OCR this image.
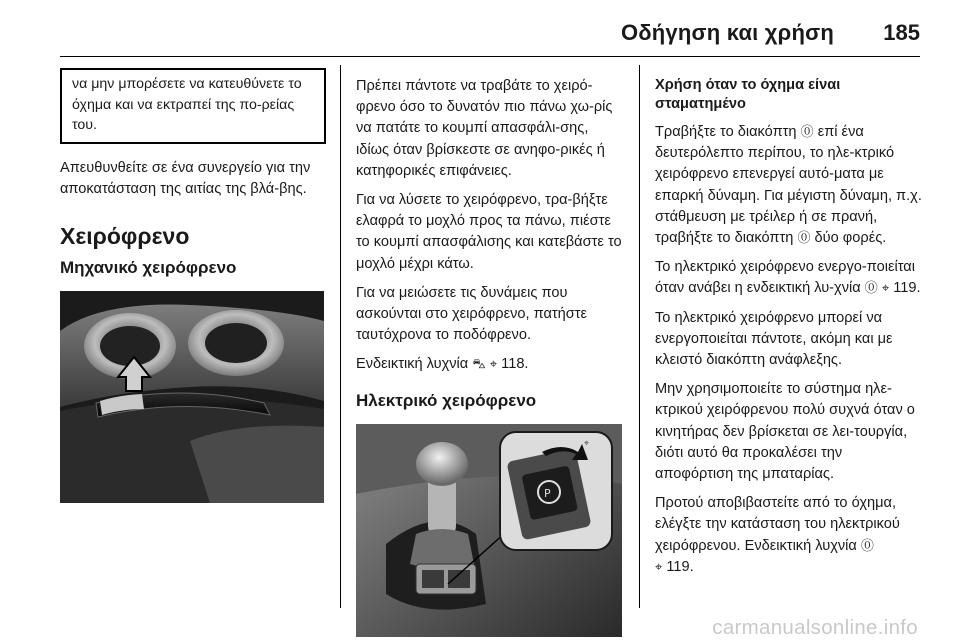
Οδήγηση και χρήση 185
να μην μπορέσετε να κατευθύνετε το όχημα και να εκτραπεί της πο-ρείας του.

Απευθυνθείτε σε ένα συνεργείο για την αποκατάσταση της αιτίας της βλά-βης.

Χειρόφρενο
Μηχανικό χειρόφρενο

Πρέπει πάντοτε να τραβάτε το χειρό-φρενο όσο το δυνατόν πιο πάνω χω-ρίς να πατάτε το κουμπί απασφάλι-σης, ιδίως όταν βρίσκεστε σε ανηφο-ρικές ή κατηφορικές επιφάνειες.

Για να λύσετε το χειρόφρενο, τρα-βήξτε ελαφρά το μοχλό προς τα πάνω, πιέστε το κουμπί απασφάλισης και κατεβάστε το μοχλό μέχρι κάτω.

Για να μειώσετε τις δυνάμεις που ασκούνται στο χειρόφρενο, πατήστε ταυτόχρονα το ποδόφρενο.

Ενδεικτική λυχνία ⛍ ⌖ 118.

Ηλεκτρικό χειρόφρενο
P
⌖

Χρήση όταν το όχημα είναι σταματημένο

Τραβήξτε το διακόπτη ⓪ επί ένα δευτερόλεπτο περίπου, το ηλε-κτρικό χειρόφρενο επενεργεί αυτό-ματα με επαρκή δύναμη. Για μέγιστη δύναμη, π.χ. στάθμευση με τρέιλερ ή σε πρανή, τραβήξτε το διακόπτη ⓪ δύο φορές.

Το ηλεκτρικό χειρόφρενο ενεργο-ποιείται όταν ανάβει η ενδεικτική λυ-χνία ⓪ ⌖ 119.

Το ηλεκτρικό χειρόφρενο μπορεί να ενεργοποιείται πάντοτε, ακόμη και με κλειστό διακόπτη ανάφλεξης.

Μην χρησιμοποιείτε το σύστημα ηλε-κτρικού χειρόφρενου πολύ συχνά όταν ο κινητήρας δεν βρίσκεται σε λει-τουργία, διότι αυτό θα προκαλέσει την αποφόρτιση της μπαταρίας.

Προτού αποβιβαστείτε από το όχημα, ελέγξτε την κατάσταση του ηλεκτρικού χειρόφρενου. Ενδεικτική λυχνία ⓪
⌖ 119.

carmanualsonline.info
